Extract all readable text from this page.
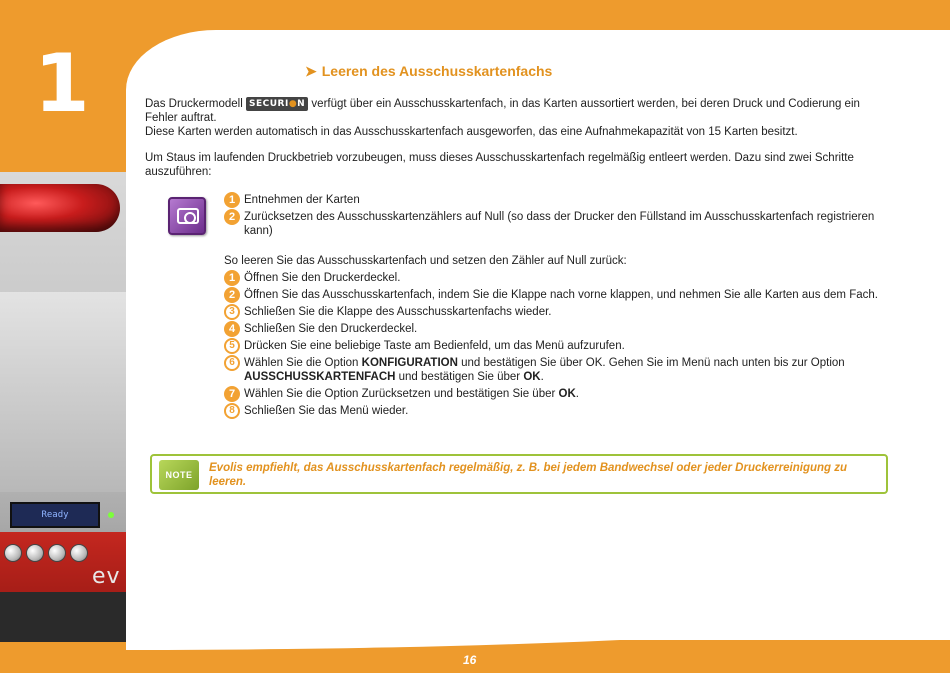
Ready
ev
1	➤ Leeren des Ausschusskartenfachs
Das Druckermodell SECURI●N verfügt über ein Ausschusskartenfach, in das Karten aussortiert werden, bei deren Druck und Codierung ein Fehler auftrat.
Diese Karten werden automatisch in das Ausschusskartenfach ausgeworfen, das eine Aufnahmekapazität von 15 Karten besitzt.
Um Staus im laufenden Druckbetrieb vorzubeugen, muss dieses Ausschusskartenfach regelmäßig entleert werden. Dazu sind zwei Schritte auszuführen:
1 Entnehmen der Karten
2 Zurücksetzen des Ausschusskartenzählers auf Null (so dass der Drucker den Füllstand im Ausschusskartenfach registrieren kann)
So leeren Sie das Ausschusskartenfach und setzen den Zähler auf Null zurück:
1 Öffnen Sie den Druckerdeckel.
2 Öffnen Sie das Ausschusskartenfach, indem Sie die Klappe nach vorne klappen, und nehmen Sie alle Karten aus dem Fach.
3 Schließen Sie die Klappe des Ausschusskartenfachs wieder.
4 Schließen Sie den Druckerdeckel.
5 Drücken Sie eine beliebige Taste am Bedienfeld, um das Menü aufzurufen.
6 Wählen Sie die Option KONFIGURATION und bestätigen Sie über OK. Gehen Sie im Menü nach unten bis zur Option AUSSCHUSSKARTENFACH und bestätigen Sie über OK.
7 Wählen Sie die Option Zurücksetzen und bestätigen Sie über OK.
8 Schließen Sie das Menü wieder.
NOTE
Evolis empfiehlt, das Ausschusskartenfach regelmäßig, z. B. bei jedem Bandwechsel oder jeder Druckerreinigung zu leeren.
16
